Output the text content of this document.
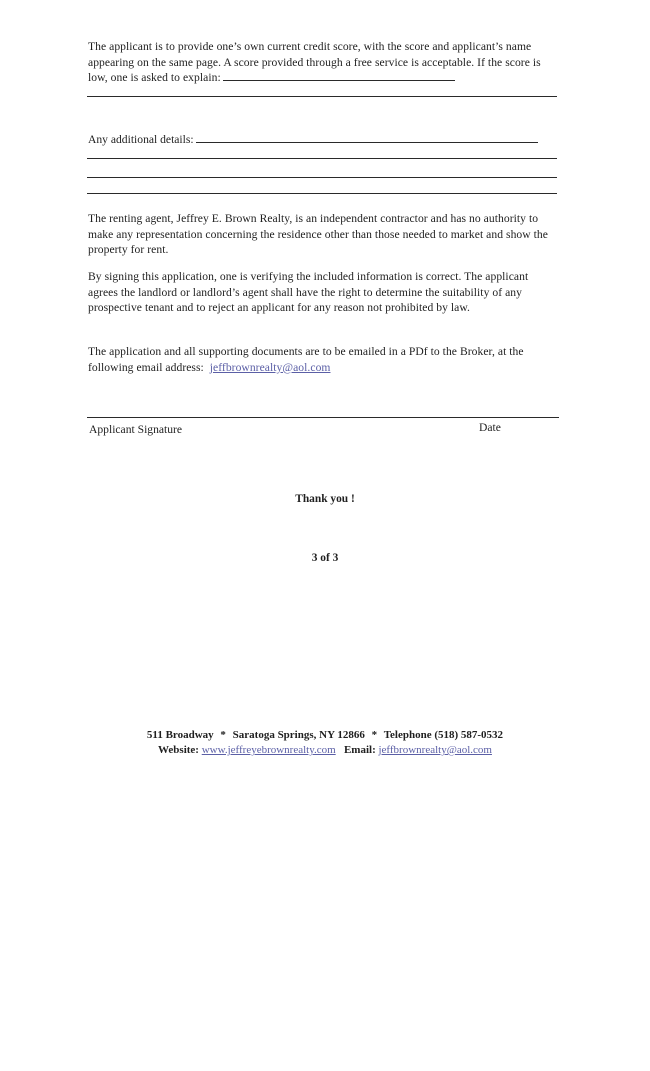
The applicant is to provide one’s own current credit score, with the score and applicant’s name appearing on the same page. A score provided through a free service is acceptable. If the score is low, one is asked to explain:
Any additional details:
The renting agent, Jeffrey E. Brown Realty, is an independent contractor and has no authority to make any representation concerning the residence other than those needed to market and show the property for rent.
By signing this application, one is verifying the included information is correct. The applicant agrees the landlord or landlord’s agent shall have the right to determine the suitability of any prospective tenant and to reject an applicant for any reason not prohibited by law.
The application and all supporting documents are to be emailed in a PDf to the Broker, at the following email address: jeffbrownrealty@aol.com
Applicant Signature	Date
Thank you !
3 of 3
511 Broadway * Saratoga Springs, NY 12866 * Telephone (518) 587-0532
Website: www.jeffreyebrownrealty.com Email: jeffbrownrealty@aol.com
